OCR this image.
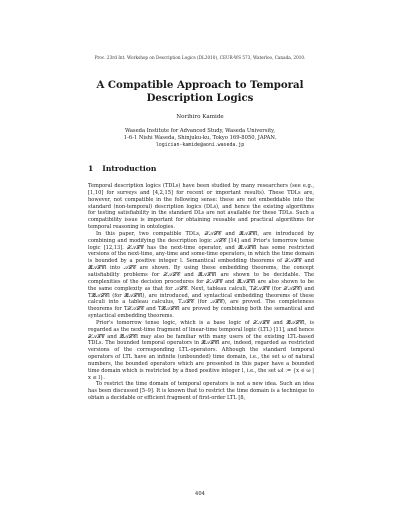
Proc. 23rd Int. Workshop on Description Logics (DL2010), CEUR-WS 573, Waterloo, Canada, 2010.
A Compatible Approach to Temporal
Description Logics
Norihiro Kamide
Waseda Institute for Advanced Study, Waseda University,
1-6-1 Nishi Waseda, Shinjuku-ku, Tokyo 169-8050, JAPAN.
logician-kamide@aoni.waseda.jp
1 Introduction

Temporal description logics (TDLs) have been studied by many researchers (see e.g., [1,10] for surveys and [4,2,15] for recent or important results). These TDLs are, however, not compatible in the following sense: these are not embeddable into the standard (non-temporal) description logics (DLs), and hence the existing algorithms for testing satisfiability in the standard DLs are not available for these TDLs. Such a compatibility issue is important for obtaining reusable and practical algorithms for temporal reasoning in ontologies.

In this paper, two compatible TDLs, 𝒳𝒜𝓛𝒞 and 𝓑𝒜𝓛𝒞l, are introduced by combining and modifying the description logic 𝒜𝓛𝒞 [14] and Prior's tomorrow tense logic [12,13]. 𝒳𝒜𝓛𝒞 has the next-time operator, and 𝓑𝒜𝓛𝒞l has some restricted versions of the next-time, any-time and some-time operators, in which the time domain is bounded by a positive integer l. Semantical embedding theorems of 𝒳𝒜𝓛𝒞 and 𝓑𝒜𝓛𝒞l into 𝒜𝓛𝒞 are shown. By using these embedding theorems, the concept satisfiability problems for 𝒳𝒜𝓛𝒞 and 𝓑𝒜𝓛𝒞l are shown to be decidable. The complexities of the decision procedures for 𝒳𝒜𝓛𝒞 and 𝓑𝒜𝓛𝒞l are also shown to be the same complexity as that for 𝒜𝓛𝒞. Next, tableau calculi, T𝒳𝒜𝓛𝒞 (for 𝒳𝒜𝓛𝒞) and T𝓑𝒜𝓛𝒞l (for 𝓑𝒜𝓛𝒞l), are introduced, and syntactical embedding theorems of these calculi into a tableau calculus, T𝒜𝓛𝒞 (for 𝒜𝓛𝒞), are proved. The completeness theorems for T𝒳𝒜𝓛𝒞 and T𝓑𝒜𝓛𝒞l are proved by combining both the semantical and syntactical embedding theorems.

Prior's tomorrow tense logic, which is a base logic of 𝒳𝒜𝓛𝒞 and 𝓑𝒜𝓛𝒞l, is regarded as the next-time fragment of linear-time temporal logic (LTL) [11], and hence 𝒳𝒜𝓛𝒞 and 𝓑𝒜𝓛𝒞l may also be familiar with many users of the existing LTL-based TDLs. The bounded temporal operators in 𝓑𝒜𝓛𝒞l are, indeed, regarded as restricted versions of the corresponding LTL-operators. Although the standard temporal operators of LTL have an infinite (unbounded) time domain, i.e., the set ω of natural numbers, the bounded operators which are presented in this paper have a bounded time domain which is restricted by a fixed positive integer l, i.e., the set ωl := {x ∈ ω | x ≤ l}.

To restrict the time domain of temporal operators is not a new idea. Such an idea has been discussed [5–9]. It is known that to restrict the time domain is a technique to obtain a decidable or efficient fragment of first-order LTL [8,

404
